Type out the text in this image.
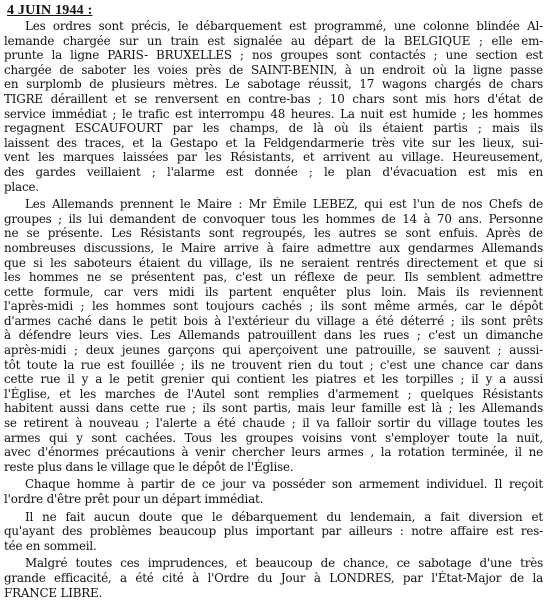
4 JUIN 1944 :
Les ordres sont précis, le débarquement est programmé, une colonne blindée Al-
lemande chargée sur un train est signalée au départ de la BELGIQUE ; elle em-
prunte la ligne PARIS- BRUXELLES ; nos groupes sont contactés ; une section est
chargée de saboter les voies près de SAINT-BENIN, à un endroit où la ligne passe
en surplomb de plusieurs mètres. Le sabotage réussit, 17 wagons chargés de chars
TIGRE déraillent et se renversent en contre-bas ; 10 chars sont mis hors d'état de
service immédiat ; le trafic est interrompu 48 heures. La nuit est humide ; les hommes
regagnent ESCAUFOURT par les champs, de là où ils étaient partis ; mais ils
laissent des traces, et la Gestapo et la Feldgendarmerie très vite sur les lieux, sui-
vent les marques laissées par les Résistants, et arrivent au village. Heureusement,
des gardes veillaient ; l'alarme est donnée ; le plan d'évacuation est mis en
place.
Les Allemands prennent le Maire : Mr Émile LEBEZ, qui est l'un de nos Chefs de
groupes ; ils lui demandent de convoquer tous les hommes de 14 à 70 ans. Personne
ne se présente. Les Résistants sont regroupés, les autres se sont enfuis. Après de
nombreuses discussions, le Maire arrive à faire admettre aux gendarmes Allemands
que si les saboteurs étaient du village, ils ne seraient rentrés directement et que si
les hommes ne se présentent pas, c'est un réflexe de peur. Ils semblent admettre
cette formule, car vers midi ils partent enquêter plus loin. Mais ils reviennent
l'après-midi ; les hommes sont toujours cachés ; ils sont même armés, car le dépôt
d'armes caché dans le petit bois à l'extérieur du village a été déterré ; ils sont prêts
à défendre leurs vies. Les Allemands patrouillent dans les rues ; c'est un dimanche
après-midi ; deux jeunes garçons qui aperçoivent une patrouille, se sauvent ; aussi-
tôt toute la rue est fouillée ; ils ne trouvent rien du tout ; c'est une chance car dans
cette rue il y a le petit grenier qui contient les piatres et les torpilles ; il y a aussi
l'Église, et les marches de l'Autel sont remplies d'armement ; quelques Résistants
habitent aussi dans cette rue ; ils sont partis, mais leur famille est là ; les Allemands
se retirent à nouveau ; l'alerte a été chaude ; il va falloir sortir du village toutes les
armes qui y sont cachées. Tous les groupes voisins vont s'employer toute la nuit,
avec d'énormes précautions à venir chercher leurs armes , la rotation terminée, il ne
reste plus dans le village que le dépôt de l'Église.
Chaque homme à partir de ce jour va posséder son armement individuel. Il reçoit
l'ordre d'être prêt pour un départ immédiat.
Il ne fait aucun doute que le débarquement du lendemain, a fait diversion et
qu'ayant des problèmes beaucoup plus important par ailleurs : notre affaire est res-
tée en sommeil.
Malgré toutes ces imprudences, et beaucoup de chance, ce sabotage d'une très
grande efficacité, a été cité à l'Ordre du Jour à LONDRES, par l'État-Major de la
FRANCE LIBRE.
